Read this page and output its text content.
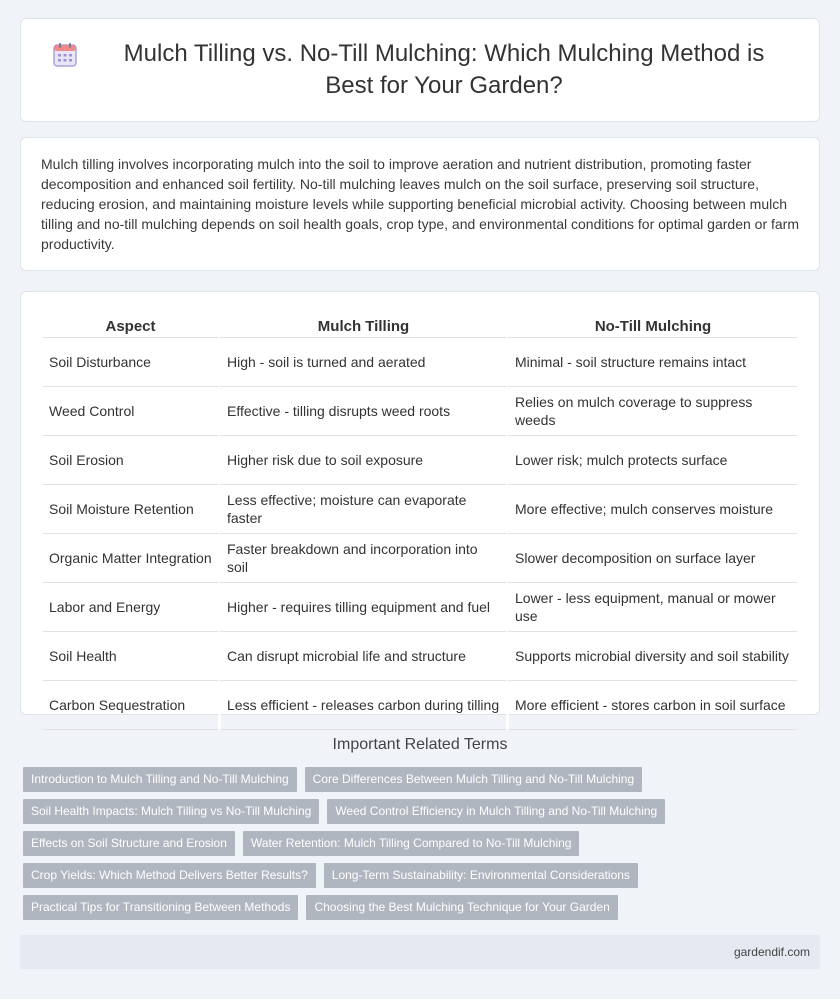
Mulch Tilling vs. No-Till Mulching: Which Mulching Method is Best for Your Garden?

Mulch tilling involves incorporating mulch into the soil to improve aeration and nutrient distribution, promoting faster decomposition and enhanced soil fertility. No-till mulching leaves mulch on the soil surface, preserving soil structure, reducing erosion, and maintaining moisture levels while supporting beneficial microbial activity. Choosing between mulch tilling and no-till mulching depends on soil health goals, crop type, and environmental conditions for optimal garden or farm productivity.

Aspect	Mulch Tilling	No-Till Mulching
Soil Disturbance	High - soil is turned and aerated	Minimal - soil structure remains intact
Weed Control	Effective - tilling disrupts weed roots	Relies on mulch coverage to suppress weeds
Soil Erosion	Higher risk due to soil exposure	Lower risk; mulch protects surface
Soil Moisture Retention	Less effective; moisture can evaporate faster	More effective; mulch conserves moisture
Organic Matter Integration	Faster breakdown and incorporation into soil	Slower decomposition on surface layer
Labor and Energy	Higher - requires tilling equipment and fuel	Lower - less equipment, manual or mower use
Soil Health	Can disrupt microbial life and structure	Supports microbial diversity and soil stability
Carbon Sequestration	Less efficient - releases carbon during tilling	More efficient - stores carbon in soil surface
Important Related Terms
Introduction to Mulch Tilling and No-Till Mulching	Core Differences Between Mulch Tilling and No-Till Mulching
Soil Health Impacts: Mulch Tilling vs No-Till Mulching	Weed Control Efficiency in Mulch Tilling and No-Till Mulching
Effects on Soil Structure and Erosion	Water Retention: Mulch Tilling Compared to No-Till Mulching
Crop Yields: Which Method Delivers Better Results?	Long-Term Sustainability: Environmental Considerations
Practical Tips for Transitioning Between Methods	Choosing the Best Mulching Technique for Your Garden
gardendif.com
